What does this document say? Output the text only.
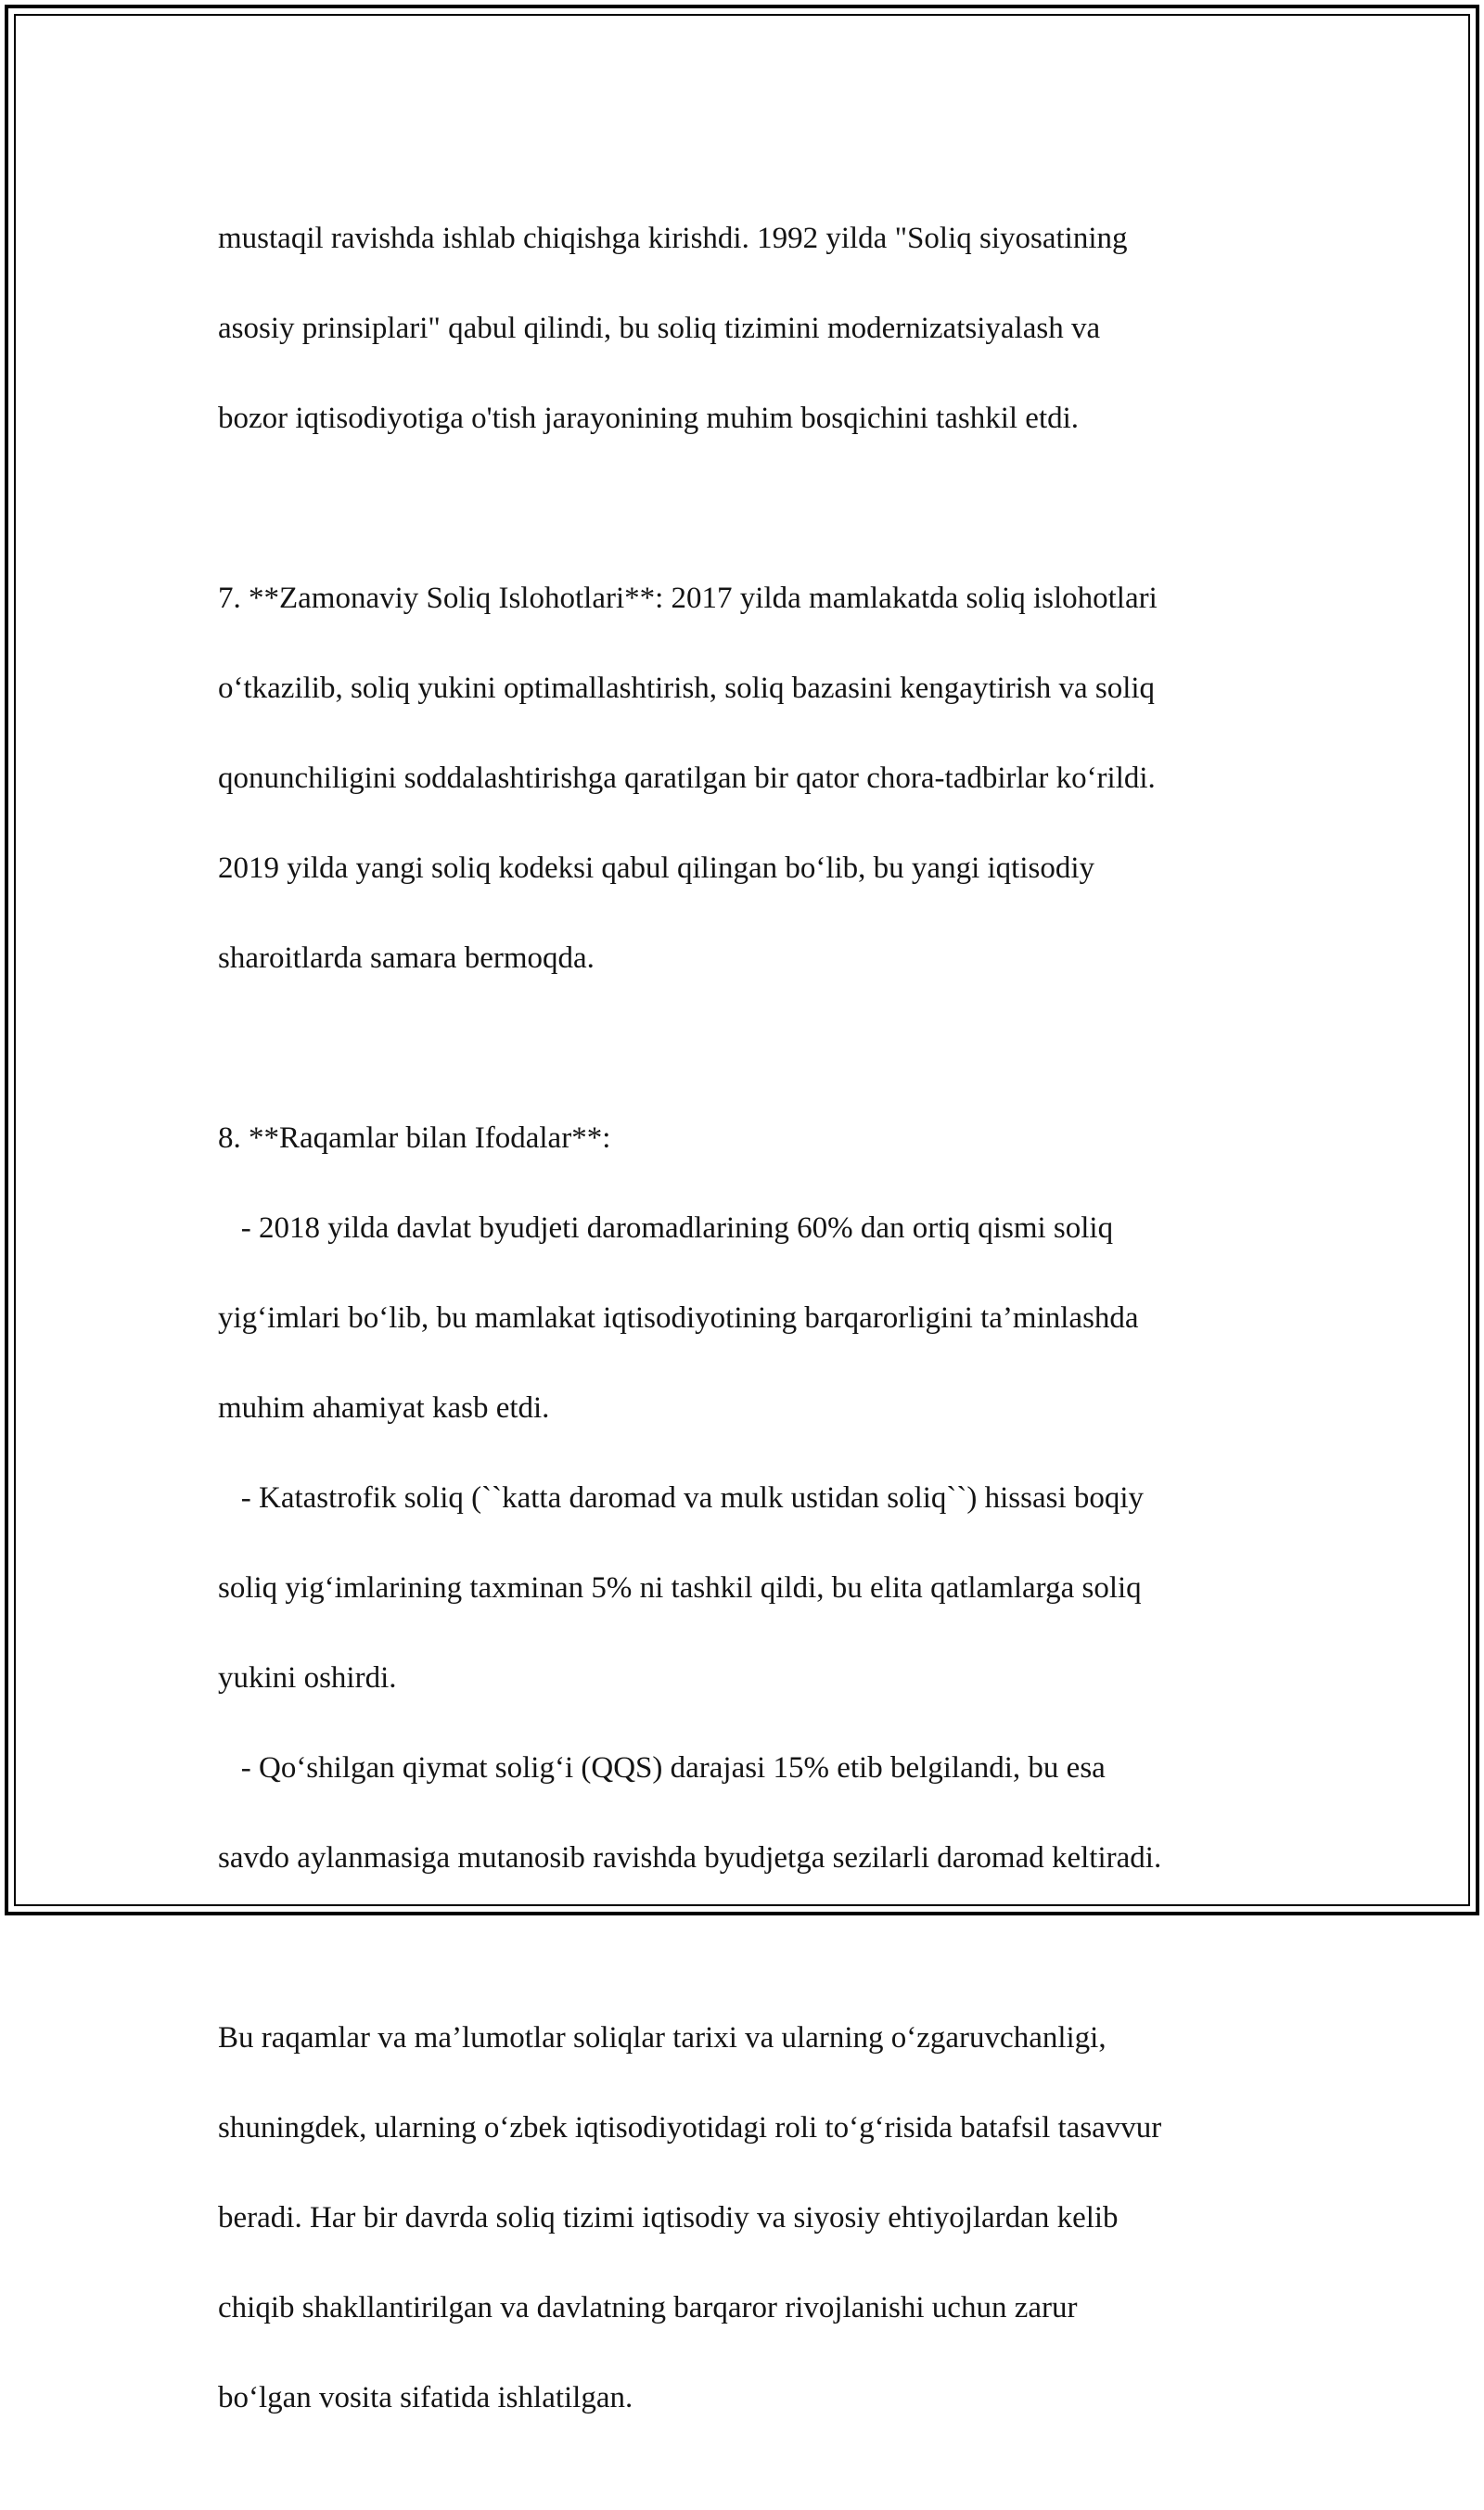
mustaqil ravishda ishlab chiqishga kirishdi. 1992 yilda "Soliq siyosatining

asosiy prinsiplari" qabul qilindi, bu soliq tizimini modernizatsiyalash va

bozor iqtisodiyotiga o'tish jarayonining muhim bosqichini tashkil etdi.

7. **Zamonaviy Soliq Islohotlari**: 2017 yilda mamlakatda soliq islohotlari

o‘tkazilib, soliq yukini optimallashtirish, soliq bazasini kengaytirish va soliq

qonunchiligini soddalashtirishga qaratilgan bir qator chora-tadbirlar ko‘rildi.

2019 yilda yangi soliq kodeksi qabul qilingan bo‘lib, bu yangi iqtisodiy

sharoitlarda samara bermoqda.

8. **Raqamlar bilan Ifodalar**:

- 2018 yilda davlat byudjeti daromadlarining 60% dan ortiq qismi soliq

yig‘imlari bo‘lib, bu mamlakat iqtisodiyotining barqarorligini ta’minlashda

muhim ahamiyat kasb etdi.

- Katastrofik soliq (``katta daromad va mulk ustidan soliq``) hissasi boqiy

soliq yig‘imlarining taxminan 5% ni tashkil qildi, bu elita qatlamlarga soliq

yukini oshirdi.

- Qo‘shilgan qiymat solig‘i (QQS) darajasi 15% etib belgilandi, bu esa

savdo aylanmasiga mutanosib ravishda byudjetga sezilarli daromad keltiradi.

Bu raqamlar va ma’lumotlar soliqlar tarixi va ularning o‘zgaruvchanligi,

shuningdek, ularning o‘zbek iqtisodiyotidagi roli to‘g‘risida batafsil tasavvur

beradi. Har bir davrda soliq tizimi iqtisodiy va siyosiy ehtiyojlardan kelib

chiqib shakllantirilgan va davlatning barqaror rivojlanishi uchun zarur

bo‘lgan vosita sifatida ishlatilgan.
